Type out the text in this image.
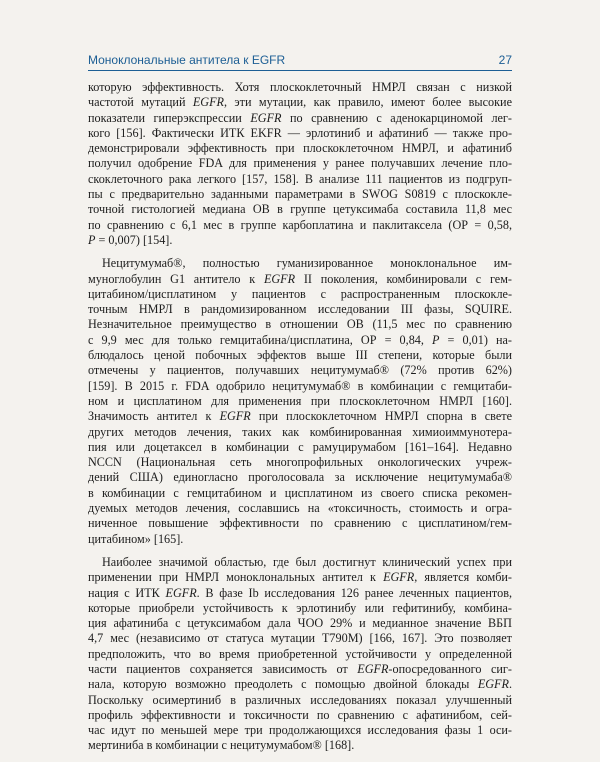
Моноклональные антитела к EGFR	27
которую эффективность. Хотя плоскоклеточный НМРЛ связан с низкой
частотой мутаций EGFR, эти мутации, как правило, имеют более высокие
показатели гиперэкспрессии EGFR по сравнению с аденокарциномой лег-
кого [156]. Фактически ИТК EKFR — эрлотиниб и афатиниб — также про-
демонстрировали эффективность при плоскоклеточном НМРЛ, и афатиниб
получил одобрение FDA для применения у ранее получавших лечение пло-
скоклеточного рака легкого [157, 158]. В анализе 111 пациентов из подгруп-
пы с предварительно заданными параметрами в SWOG S0819 с плоскокле-
точной гистологией медиана ОВ в группе цетуксимаба составила 11,8 мес
по сравнению с 6,1 мес в группе карбоплатина и паклитаксела (ОР = 0,58,
P = 0,007) [154].
Нецитумумаб®, полностью гуманизированное моноклональное им-
муноглобулин G1 антитело к EGFR II поколения, комбинировали с гем-
цитабином/цисплатином у пациентов с распространенным плоскокле-
точным НМРЛ в рандомизированном исследовании III фазы, SQUIRE.
Незначительное преимущество в отношении ОВ (11,5 мес по сравнению
с 9,9 мес для только гемцитабина/цисплатина, ОР = 0,84, P = 0,01) на-
блюдалось ценой побочных эффектов выше III степени, которые были
отмечены у пациентов, получавших нецитумумаб® (72% против 62%)
[159]. В 2015 г. FDA одобрило нецитумумаб® в комбинации с гемцитаби-
ном и цисплатином для применения при плоскоклеточном НМРЛ [160].
Значимость антител к EGFR при плоскоклеточном НМРЛ спорна в свете
других методов лечения, таких как комбинированная химиоиммунотера-
пия или доцетаксел в комбинации с рамуцирумабом [161–164]. Недавно
NCCN (Национальная сеть многопрофильных онкологических учреж-
дений США) единогласно проголосовала за исключение нецитумумаба®
в комбинации с гемцитабином и цисплатином из своего списка рекомен-
дуемых методов лечения, сославшись на «токсичность, стоимость и огра-
ниченное повышение эффективности по сравнению с цисплатином/гем-
цитабином» [165].
Наиболее значимой областью, где был достигнут клинический успех при
применении при НМРЛ моноклональных антител к EGFR, является комби-
нация с ИТК EGFR. В фазе Ib исследования 126 ранее леченных пациентов,
которые приобрели устойчивость к эрлотинибу или гефитинибу, комбина-
ция афатиниба с цетуксимабом дала ЧОО 29% и медианное значение ВБП
4,7 мес (независимо от статуса мутации T790M) [166, 167]. Это позволяет
предположить, что во время приобретенной устойчивости у определенной
части пациентов сохраняется зависимость от EGFR-опосредованного сиг-
нала, которую возможно преодолеть с помощью двойной блокады EGFR.
Поскольку осимертиниб в различных исследованиях показал улучшенный
профиль эффективности и токсичности по сравнению с афатинибом, сей-
час идут по меньшей мере три продолжающихся исследования фазы 1 оси-
мертиниба в комбинации с нецитумумабом® [168].
